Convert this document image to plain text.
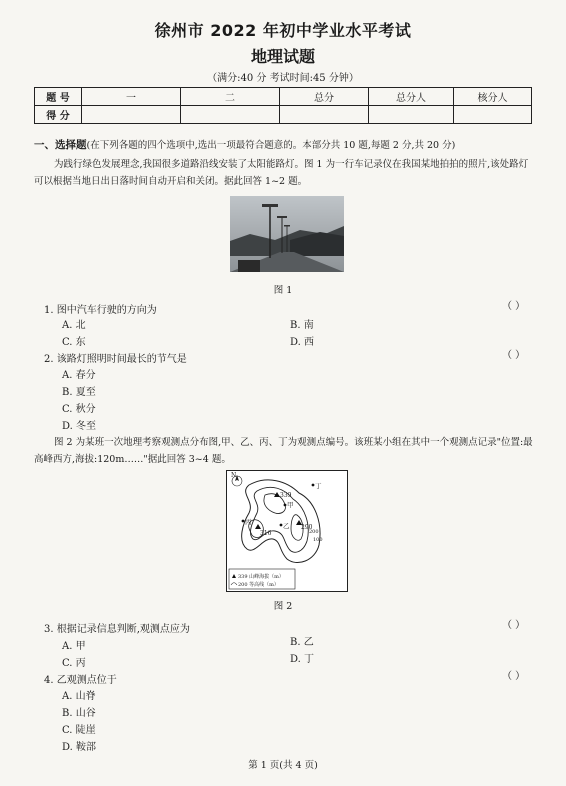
徐州市 2022 年初中学业水平考试
地理试题
（满分:40 分 考试时间:45 分钟）
题 号	一	二	总分	总分人	核分人
得 分					
一、选择题(在下列各题的四个选项中,选出一项最符合题意的。本部分共 10 题,每题 2 分,共 20 分)
为践行绿色发展理念,我国很多道路沿线安装了太阳能路灯。图 1 为一行车记录仪在我国某地拍拍的照片,该处路灯可以根据当地日出日落时间自动开启和关闭。据此回答 1~2 题。
图 1
1. 图中汽车行驶的方向为	（ ）
A. 北	B. 南
C. 东	D. 西
2. 该路灯照明时间最长的节气是	（ ）
A. 春分
B. 夏至
C. 秋分
D. 冬至
图 2 为某班一次地理考察观测点分布图,甲、乙、丙、丁为观测点编号。该班某小组在其中一个观测点记录"位置:最高峰西方,海拔:120m……"据此回答 3~4 题。
N
339
316
290
200
100
甲
乙
丙
丁
339 山峰海拔（m）
200 等高线（m）
图 2
3. 根据记录信息判断,观测点应为	（ ）
A. 甲	B. 乙
C. 丙	D. 丁
4. 乙观测点位于	（ ）
A. 山脊
B. 山谷
C. 陡崖
D. 鞍部
第 1 页(共 4 页)
